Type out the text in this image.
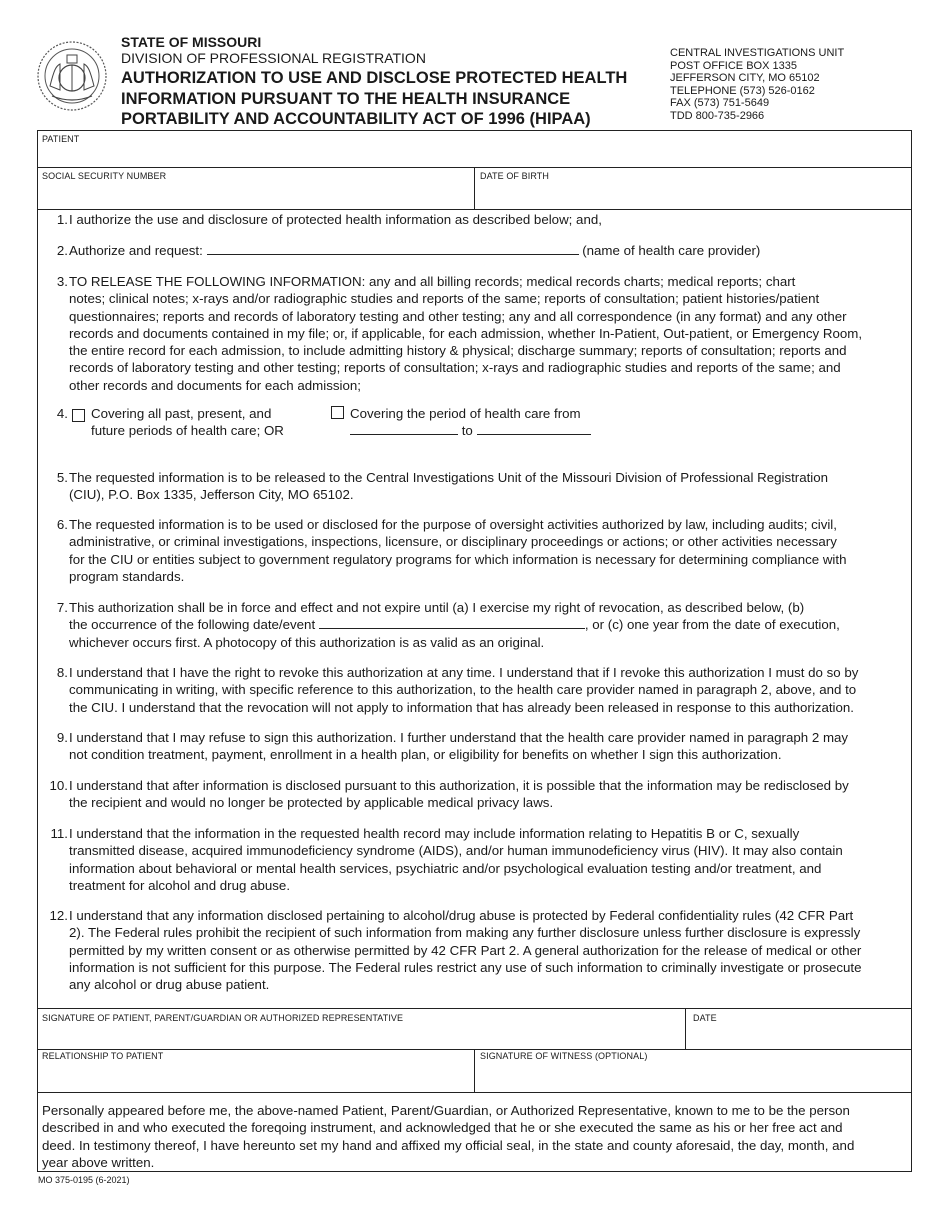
STATE OF MISSOURI
DIVISION OF PROFESSIONAL REGISTRATION
AUTHORIZATION TO USE AND DISCLOSE PROTECTED HEALTH
INFORMATION PURSUANT TO THE HEALTH INSURANCE
PORTABILITY AND ACCOUNTABILITY ACT OF 1996 (HIPAA)
CENTRAL INVESTIGATIONS UNIT
POST OFFICE BOX 1335
JEFFERSON CITY, MO 65102
TELEPHONE (573) 526-0162
FAX (573) 751-5649
TDD 800-735-2966
PATIENT
SOCIAL SECURITY NUMBER	DATE OF BIRTH
1. I authorize the use and disclosure of protected health information as described below; and,
2. Authorize and request:	(name of health care provider)
3. TO RELEASE THE FOLLOWING INFORMATION: any and all billing records; medical records charts; medical reports; chart
notes; clinical notes; x-rays and/or radiographic studies and reports of the same; reports of consultation; patient histories/patient
questionnaires; reports and records of laboratory testing and other testing; any and all correspondence (in any format) and any other
records and documents contained in my file; or, if applicable, for each admission, whether In-Patient, Out-patient, or Emergency Room,
the entire record for each admission, to include admitting history & physical; discharge summary; reports of consultation; reports and
records of laboratory testing and other testing; reports of consultation; x-rays and radiographic studies and reports of the same; and
other records and documents for each admission;
4. Covering all past, present, and
future periods of health care; OR
Covering the period of health care from
to
5. The requested information is to be released to the Central Investigations Unit of the Missouri Division of Professional Registration
(CIU), P.O. Box 1335, Jefferson City, MO 65102.
6. The requested information is to be used or disclosed for the purpose of oversight activities authorized by law, including audits; civil,
administrative, or criminal investigations, inspections, licensure, or disciplinary proceedings or actions; or other activities necessary
for the CIU or entities subject to government regulatory programs for which information is necessary for determining compliance with
program standards.
7. This authorization shall be in force and effect and not expire until (a) I exercise my right of revocation, as described below, (b)
the occurrence of the following date/event	, or (c) one year from the date of execution,
whichever occurs first. A photocopy of this authorization is as valid as an original.
8. I understand that I have the right to revoke this authorization at any time. I understand that if I revoke this authorization I must do so by
communicating in writing, with specific reference to this authorization, to the health care provider named in paragraph 2, above, and to
the CIU. I understand that the revocation will not apply to information that has already been released in response to this authorization.
9. I understand that I may refuse to sign this authorization. I further understand that the health care provider named in paragraph 2 may
not condition treatment, payment, enrollment in a health plan, or eligibility for benefits on whether I sign this authorization.
10. I understand that after information is disclosed pursuant to this authorization, it is possible that the information may be redisclosed by
the recipient and would no longer be protected by applicable medical privacy laws.
11. I understand that the information in the requested health record may include information relating to Hepatitis B or C, sexually
transmitted disease, acquired immunodeficiency syndrome (AIDS), and/or human immunodeficiency virus (HIV). It may also contain
information about behavioral or mental health services, psychiatric and/or psychological evaluation testing and/or treatment, and
treatment for alcohol and drug abuse.
12. I understand that any information disclosed pertaining to alcohol/drug abuse is protected by Federal confidentiality rules (42 CFR Part
2). The Federal rules prohibit the recipient of such information from making any further disclosure unless further disclosure is expressly
permitted by my written consent or as otherwise permitted by 42 CFR Part 2. A general authorization for the release of medical or other
information is not sufficient for this purpose. The Federal rules restrict any use of such information to criminally investigate or prosecute
any alcohol or drug abuse patient.
SIGNATURE OF PATIENT, PARENT/GUARDIAN OR AUTHORIZED REPRESENTATIVE	DATE
RELATIONSHIP TO PATIENT	SIGNATURE OF WITNESS (OPTIONAL)
Personally appeared before me, the above-named Patient, Parent/Guardian, or Authorized Representative, known to me to be the person
described in and who executed the foreqoing instrument, and acknowledged that he or she executed the same as his or her free act and
deed. In testimony thereof, I have hereunto set my hand and affixed my official seal, in the state and county aforesaid, the day, month, and
year above written.
MO 375-0195 (6-2021)
